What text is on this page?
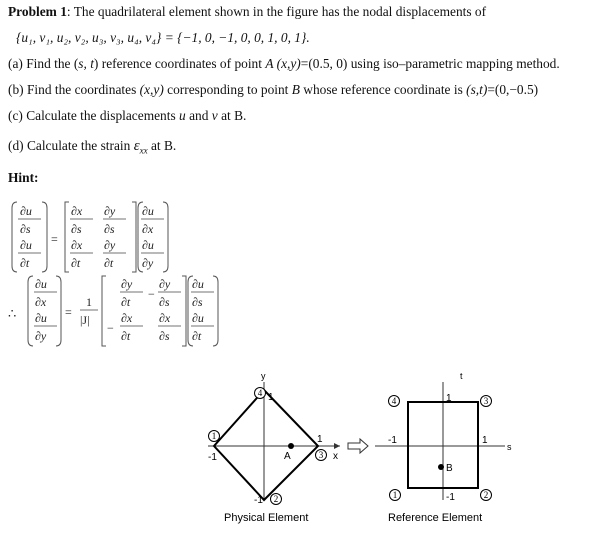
Problem 1: The quadrilateral element shown in the figure has the nodal displacements of
{u₁, v₁, u₂, v₂, u₃, v₃, u₄, v₄} = {−1, 0, −1, 0, 0, 1, 0, 1}.
(a) Find the (s, t) reference coordinates of point A (x,y)=(0.5, 0) using iso–parametric mapping method.
(b) Find the coordinates (x,y) corresponding to point B whose reference coordinate is (s,t)=(0,−0.5)
(c) Calculate the displacements u and v at B.
(d) Calculate the strain $\varepsilon_{xx}$ at B.
Hint:
∂u
∂s
∂u
∂t
=
∂x
∂s
∂y
∂s
∂x
∂t
∂y
∂t
∂u
∂x
∂u
∂y
∴
∂u
∂x
∂u
∂y
=
1
|J|
∂y
∂t
−
∂y
∂s
−
∂x
∂t
∂x
∂s
∂u
∂s
∂u
∂t
A
y
x
1
-1
-1
1
1
2
3
4
Physical Element
B
t
s
1
-1
-1	1
1	2
3
4
Reference Element
